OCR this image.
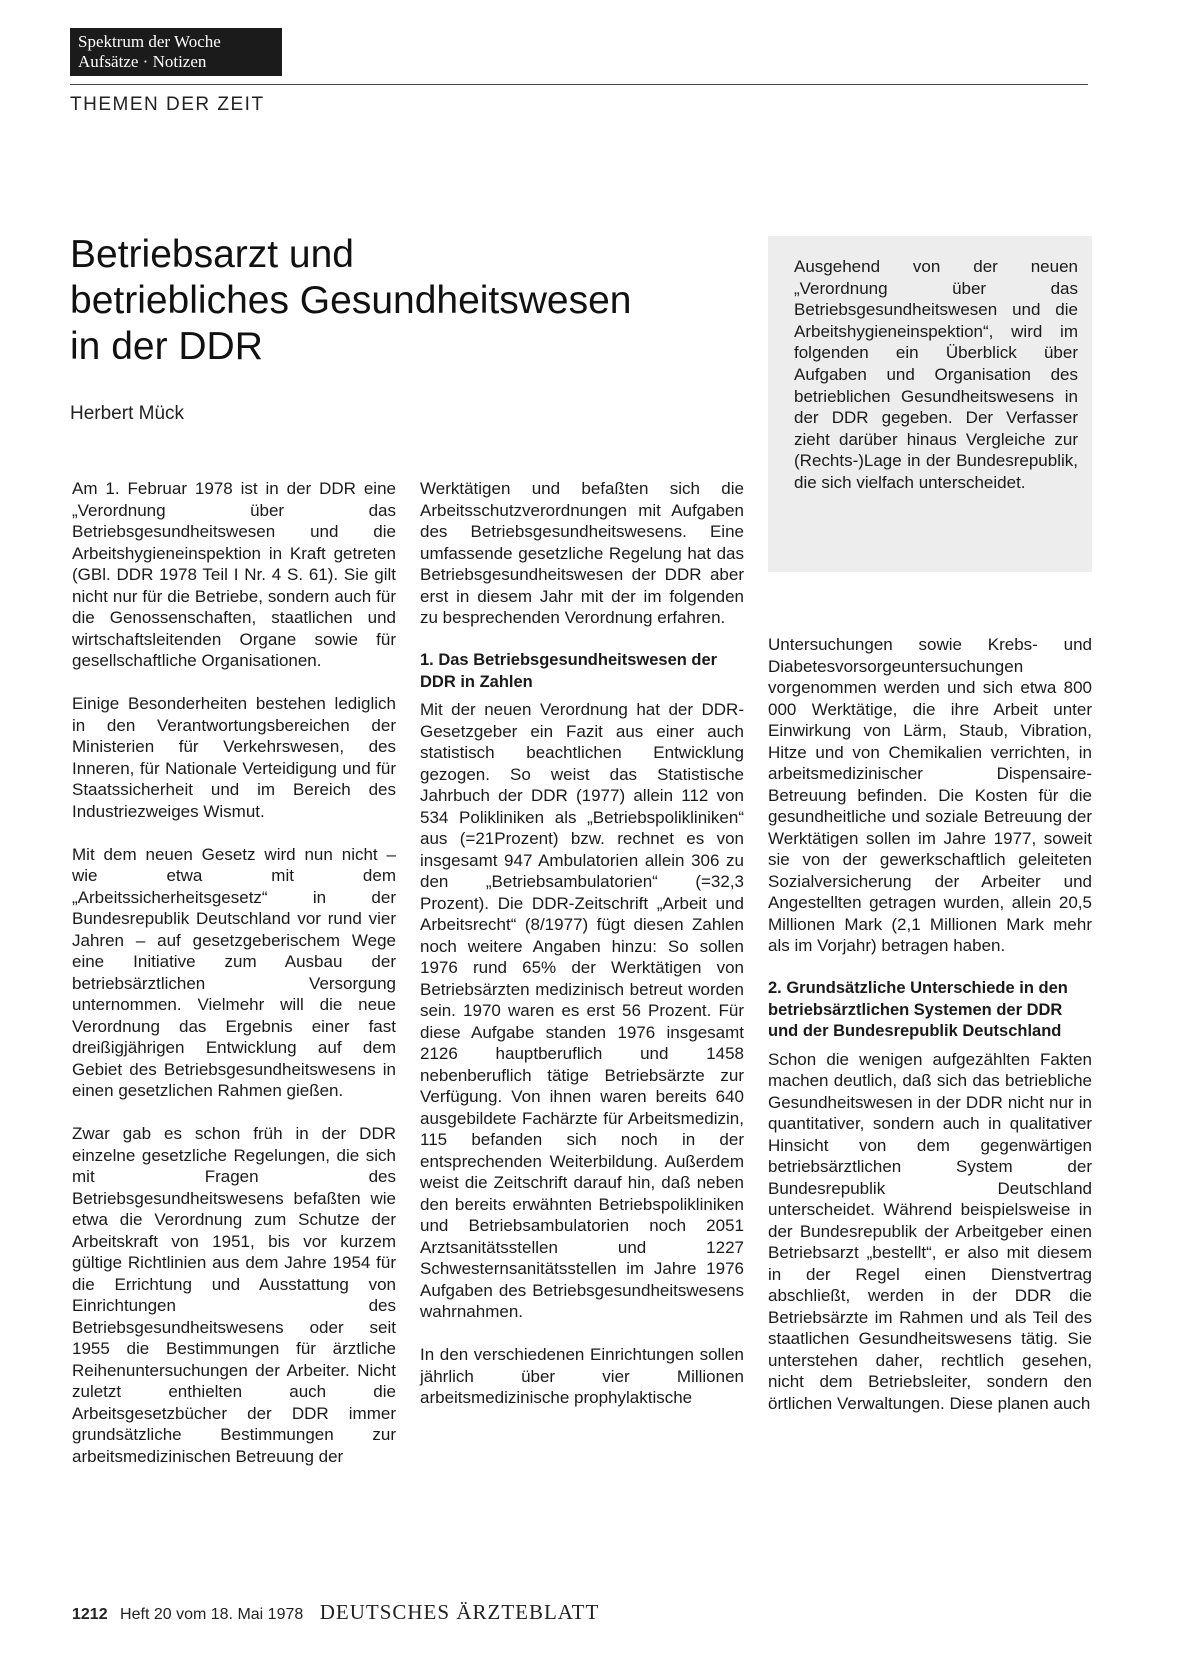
Spektrum der Woche
Aufsätze · Notizen
THEMEN DER ZEIT
Betriebsarzt und
betriebliches Gesundheitswesen
in der DDR
Herbert Mück
Ausgehend von der neuen „Verordnung über das Betriebsgesundheitswesen und die Arbeitshygieneinspektion“, wird im folgenden ein Überblick über Aufgaben und Organisation des betrieblichen Gesundheitswesens in der DDR gegeben. Der Verfasser zieht darüber hinaus Vergleiche zur (Rechts-)Lage in der Bundesrepublik, die sich vielfach unterscheidet.

Am 1. Februar 1978 ist in der DDR eine „Verordnung über das Betriebsgesundheitswesen und die Arbeitshygieneinspektion in Kraft getreten (GBl. DDR 1978 Teil I Nr. 4 S. 61). Sie gilt nicht nur für die Betriebe, sondern auch für die Genossenschaften, staatlichen und wirtschaftsleitenden Organe sowie für gesellschaftliche Organisationen.

Einige Besonderheiten bestehen lediglich in den Verantwortungsbereichen der Ministerien für Verkehrswesen, des Inneren, für Nationale Verteidigung und für Staatssicherheit und im Bereich des Industriezweiges Wismut.

Mit dem neuen Gesetz wird nun nicht – wie etwa mit dem „Arbeitssicherheitsgesetz“ in der Bundesrepublik Deutschland vor rund vier Jahren – auf gesetzgeberischem Wege eine Initiative zum Ausbau der betriebsärztlichen Versorgung unternommen. Vielmehr will die neue Verordnung das Ergebnis einer fast dreißigjährigen Entwicklung auf dem Gebiet des Betriebsgesundheitswesens in einen gesetzlichen Rahmen gießen.

Zwar gab es schon früh in der DDR einzelne gesetzliche Regelungen, die sich mit Fragen des Betriebsgesundheitswesens befaßten wie etwa die Verordnung zum Schutze der Arbeitskraft von 1951, bis vor kurzem gültige Richtlinien aus dem Jahre 1954 für die Errichtung und Ausstattung von Einrichtungen des Betriebsgesundheitswesens oder seit 1955 die Bestimmungen für ärztliche Reihenuntersuchungen der Arbeiter. Nicht zuletzt enthielten auch die Arbeitsgesetzbücher der DDR immer grundsätzliche Bestimmungen zur arbeitsmedizinischen Betreuung der

Werktätigen und befaßten sich die Arbeitsschutzverordnungen mit Aufgaben des Betriebsgesundheitswesens. Eine umfassende gesetzliche Regelung hat das Betriebsgesundheitswesen der DDR aber erst in diesem Jahr mit der im folgenden zu besprechenden Verordnung erfahren.

1. Das Betriebsgesundheitswesen der DDR in Zahlen

Mit der neuen Verordnung hat der DDR-Gesetzgeber ein Fazit aus einer auch statistisch beachtlichen Entwicklung gezogen. So weist das Statistische Jahrbuch der DDR (1977) allein 112 von 534 Polikliniken als „Betriebspolikliniken“ aus (=21Prozent) bzw. rechnet es von insgesamt 947 Ambulatorien allein 306 zu den „Betriebsambulatorien“ (=32,3 Prozent). Die DDR-Zeitschrift „Arbeit und Arbeitsrecht“ (8/1977) fügt diesen Zahlen noch weitere Angaben hinzu: So sollen 1976 rund 65% der Werktätigen von Betriebsärzten medizinisch betreut worden sein. 1970 waren es erst 56 Prozent. Für diese Aufgabe standen 1976 insgesamt 2126 hauptberuflich und 1458 nebenberuflich tätige Betriebsärzte zur Verfügung. Von ihnen waren bereits 640 ausgebildete Fachärzte für Arbeitsmedizin, 115 befanden sich noch in der entsprechenden Weiterbildung. Außerdem weist die Zeitschrift darauf hin, daß neben den bereits erwähnten Betriebspolikliniken und Betriebsambulatorien noch 2051 Arztsanitätsstellen und 1227 Schwesternsanitätsstellen im Jahre 1976 Aufgaben des Betriebsgesundheitswesens wahrnahmen.

In den verschiedenen Einrichtungen sollen jährlich über vier Millionen arbeitsmedizinische prophylaktische

Untersuchungen sowie Krebs- und Diabetesvorsorgeuntersuchungen vorgenommen werden und sich etwa 800 000 Werktätige, die ihre Arbeit unter Einwirkung von Lärm, Staub, Vibration, Hitze und von Chemikalien verrichten, in arbeitsmedizinischer Dispensaire-Betreuung befinden. Die Kosten für die gesundheitliche und soziale Betreuung der Werktätigen sollen im Jahre 1977, soweit sie von der gewerkschaftlich geleiteten Sozialversicherung der Arbeiter und Angestellten getragen wurden, allein 20,5 Millionen Mark (2,1 Millionen Mark mehr als im Vorjahr) betragen haben.

2. Grundsätzliche Unterschiede in den betriebsärztlichen Systemen der DDR und der Bundesrepublik Deutschland

Schon die wenigen aufgezählten Fakten machen deutlich, daß sich das betriebliche Gesundheitswesen in der DDR nicht nur in quantitativer, sondern auch in qualitativer Hinsicht von dem gegenwärtigen betriebsärztlichen System der Bundesrepublik Deutschland unterscheidet. Während beispielsweise in der Bundesrepublik der Arbeitgeber einen Betriebsarzt „bestellt“, er also mit diesem in der Regel einen Dienstvertrag abschließt, werden in der DDR die Betriebsärzte im Rahmen und als Teil des staatlichen Gesundheitswesens tätig. Sie unterstehen daher, rechtlich gesehen, nicht dem Betriebsleiter, sondern den örtlichen Verwaltungen. Diese planen auch

1212 Heft 20 vom 18. Mai 1978 DEUTSCHES ÄRZTEBLATT
